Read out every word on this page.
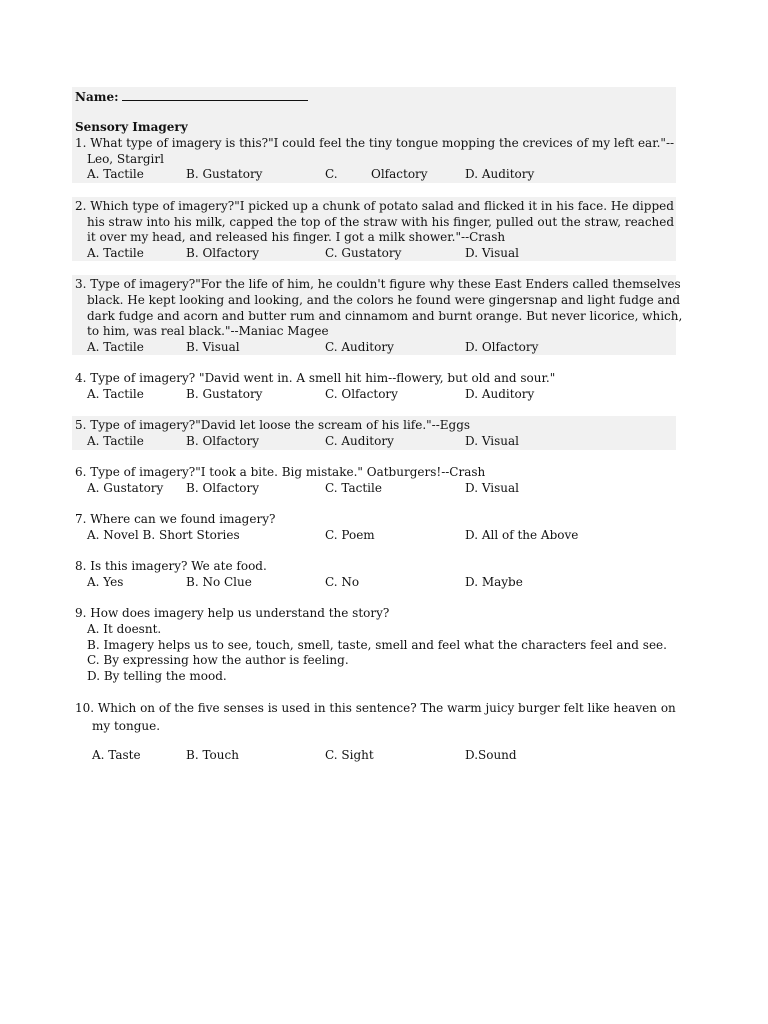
Name:
Sensory Imagery
1. What type of imagery is this?"I could feel the tiny tongue mopping the crevices of my left ear."--
Leo, Stargirl
A. Tactile	B. Gustatory	C.	Olfactory	D. Auditory
2. Which type of imagery?"I picked up a chunk of potato salad and flicked it in his face. He dipped
his straw into his milk, capped the top of the straw with his finger, pulled out the straw, reached
it over my head, and released his finger. I got a milk shower."--Crash
A. Tactile	B. Olfactory	C. Gustatory	D. Visual
3. Type of imagery?"For the life of him, he couldn't figure why these East Enders called themselves
black. He kept looking and looking, and the colors he found were gingersnap and light fudge and
dark fudge and acorn and butter rum and cinnamom and burnt orange. But never licorice, which,
to him, was real black."--Maniac Magee
A. Tactile	B. Visual	C. Auditory	D. Olfactory
4. Type of imagery? "David went in. A smell hit him--flowery, but old and sour."
A. Tactile	B. Gustatory	C. Olfactory	D. Auditory
5. Type of imagery?"David let loose the scream of his life."--Eggs
A. Tactile	B. Olfactory	C. Auditory	D. Visual
6. Type of imagery?"I took a bite. Big mistake." Oatburgers!--Crash
A. Gustatory B. Olfactory	C. Tactile	D. Visual
7. Where can we found imagery?
A. Novel B. Short Stories	C. Poem	D. All of the Above
8. Is this imagery? We ate food.
A. Yes	B. No Clue	C. No	D. Maybe
9. How does imagery help us understand the story?
A. It doesnt.
B. Imagery helps us to see, touch, smell, taste, smell and feel what the characters feel and see.
C. By expressing how the author is feeling.
D. By telling the mood.
10. Which on of the five senses is used in this sentence? The warm juicy burger felt like heaven on
my tongue.
A. Taste	B. Touch	C. Sight	D.Sound
